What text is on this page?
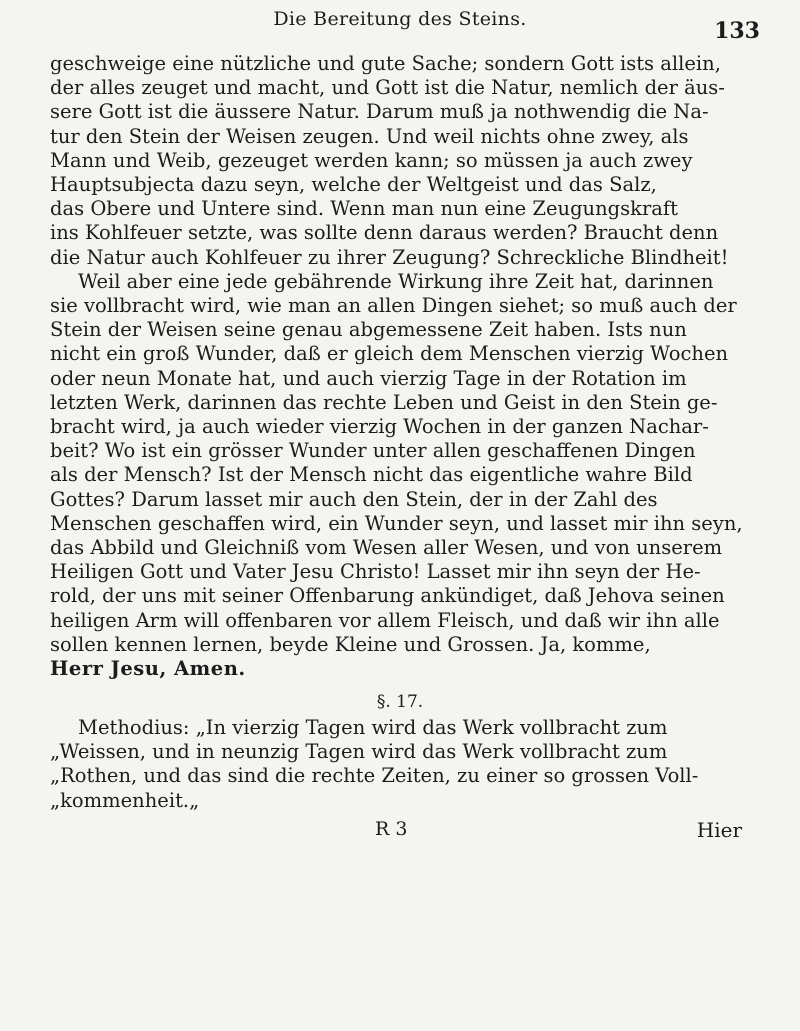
Die Bereitung des Steins.	133
geschweige eine nützliche und gute Sache; sondern Gott ists allein,
der alles zeuget und macht, und Gott ist die Natur, nemlich der äus-
sere Gott ist die äussere Natur. Darum muß ja nothwendig die Na-
tur den Stein der Weisen zeugen. Und weil nichts ohne zwey, als
Mann und Weib, gezeuget werden kann; so müssen ja auch zwey
Hauptsubjecta dazu seyn, welche der Weltgeist und das Salz,
das Obere und Untere sind. Wenn man nun eine Zeugungskraft
ins Kohlfeuer setzte, was sollte denn daraus werden? Braucht denn
die Natur auch Kohlfeuer zu ihrer Zeugung? Schreckliche Blindheit!
Weil aber eine jede gebährende Wirkung ihre Zeit hat, darinnen
sie vollbracht wird, wie man an allen Dingen siehet; so muß auch der
Stein der Weisen seine genau abgemessene Zeit haben. Ists nun
nicht ein groß Wunder, daß er gleich dem Menschen vierzig Wochen
oder neun Monate hat, und auch vierzig Tage in der Rotation im
letzten Werk, darinnen das rechte Leben und Geist in den Stein ge-
bracht wird, ja auch wieder vierzig Wochen in der ganzen Nachar-
beit? Wo ist ein grösser Wunder unter allen geschaffenen Dingen
als der Mensch? Ist der Mensch nicht das eigentliche wahre Bild
Gottes? Darum lasset mir auch den Stein, der in der Zahl des
Menschen geschaffen wird, ein Wunder seyn, und lasset mir ihn seyn,
das Abbild und Gleichniß vom Wesen aller Wesen, und von unserem
Heiligen Gott und Vater Jesu Christo! Lasset mir ihn seyn der He-
rold, der uns mit seiner Offenbarung ankündiget, daß Jehova seinen
heiligen Arm will offenbaren vor allem Fleisch, und daß wir ihn alle
sollen kennen lernen, beyde Kleine und Grossen. Ja, komme,
Herr Jesu, Amen.
§. 17.
Methodius: „In vierzig Tagen wird das Werk vollbracht zum
„Weissen, und in neunzig Tagen wird das Werk vollbracht zum
„Rothen, und das sind die rechte Zeiten, zu einer so grossen Voll-
„kommenheit.„
R 3	Hier
